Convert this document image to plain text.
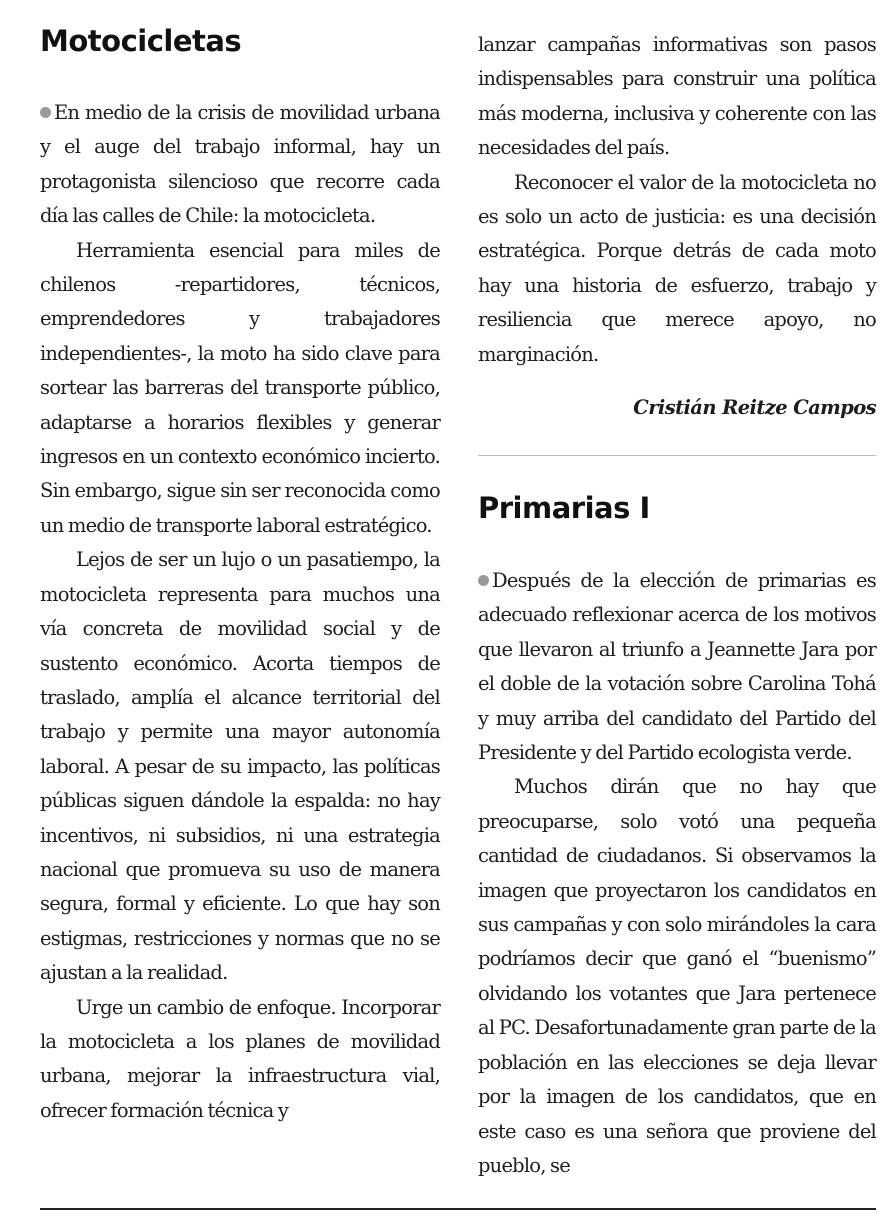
Motocicletas

En medio de la crisis de movilidad urbana y el auge del trabajo informal, hay un protagonista silencioso que recorre cada día las calles de Chile: la motocicleta.

Herramienta esencial para miles de chilenos -repartidores, técnicos, emprendedores y trabajadores independientes-, la moto ha sido clave para sortear las barreras del transporte público, adaptarse a horarios flexibles y generar ingresos en un contexto económico incierto. Sin embargo, sigue sin ser reconocida como un medio de transporte laboral estratégico.

Lejos de ser un lujo o un pasatiempo, la motocicleta representa para muchos una vía concreta de movilidad social y de sustento económico. Acorta tiempos de traslado, amplía el alcance territorial del trabajo y permite una mayor autonomía laboral. A pesar de su impacto, las políticas públicas siguen dándole la espalda: no hay incentivos, ni subsidios, ni una estrategia nacional que promueva su uso de manera segura, formal y eficiente. Lo que hay son estigmas, restricciones y normas que no se ajustan a la realidad.

Urge un cambio de enfoque. Incorporar la motocicleta a los planes de movilidad urbana, mejorar la infraestructura vial, ofrecer formación técnica y

lanzar campañas informativas son pasos indispensables para construir una política más moderna, inclusiva y coherente con las necesidades del país.

Reconocer el valor de la motocicleta no es solo un acto de justicia: es una decisión estratégica. Porque detrás de cada moto hay una historia de esfuerzo, trabajo y resiliencia que merece apoyo, no marginación.

Cristián Reitze Campos

Primarias I

Después de la elección de primarias es adecuado reflexionar acerca de los motivos que llevaron al triunfo a Jeannette Jara por el doble de la votación sobre Carolina Tohá y muy arriba del candidato del Partido del Presidente y del Partido ecologista verde.

Muchos dirán que no hay que preocuparse, solo votó una pequeña cantidad de ciudadanos. Si observamos la imagen que proyectaron los candidatos en sus campañas y con solo mirándoles la cara podríamos decir que ganó el “buenismo” olvidando los votantes que Jara pertenece al PC. Desafortunadamente gran parte de la población en las elecciones se deja llevar por la imagen de los candidatos, que en este caso es una señora que proviene del pueblo, se
